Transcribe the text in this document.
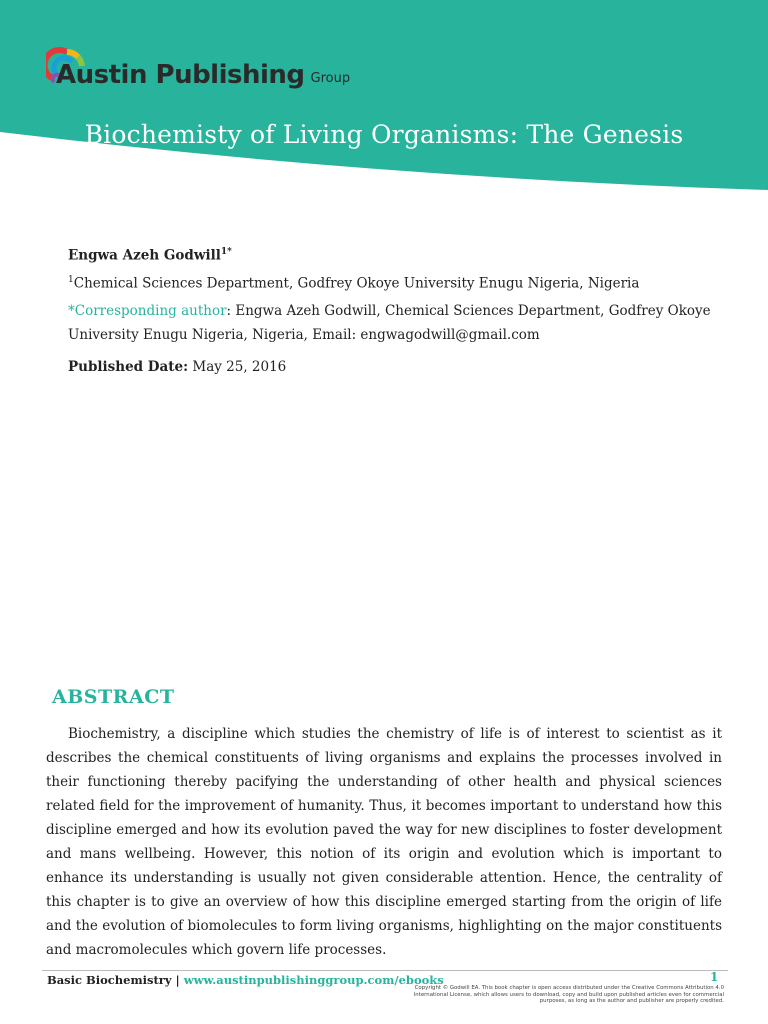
Austin Publishing Group
Biochemisty of Living Organisms: The Genesis

Engwa Azeh Godwill$^{1*}$

$^1$Chemical Sciences Department, Godfrey Okoye University Enugu Nigeria, Nigeria

*Corresponding author: Engwa Azeh Godwill, Chemical Sciences Department, Godfrey Okoye University Enugu Nigeria, Nigeria, Email: engwagodwill@gmail.com

Published Date: May 25, 2016

ABSTRACT

Biochemistry, a discipline which studies the chemistry of life is of interest to scientist as it describes the chemical constituents of living organisms and explains the processes involved in their functioning thereby pacifying the understanding of other health and physical sciences related field for the improvement of humanity. Thus, it becomes important to understand how this discipline emerged and how its evolution paved the way for new disciplines to foster development and mans wellbeing. However, this notion of its origin and evolution which is important to enhance its understanding is usually not given considerable attention. Hence, the centrality of this chapter is to give an overview of how this discipline emerged starting from the origin of life and the evolution of biomolecules to form living organisms, highlighting on the major constituents and macromolecules which govern life processes.

Basic Biochemistry | www.austinpublishinggroup.com/ebooks	1
Copyright © Godwill EA. This book chapter is open access distributed under the Creative Commons Attribution 4.0 International License, which allows users to download, copy and build upon published articles even for commercial purposes, as long as the author and publisher are properly credited.
